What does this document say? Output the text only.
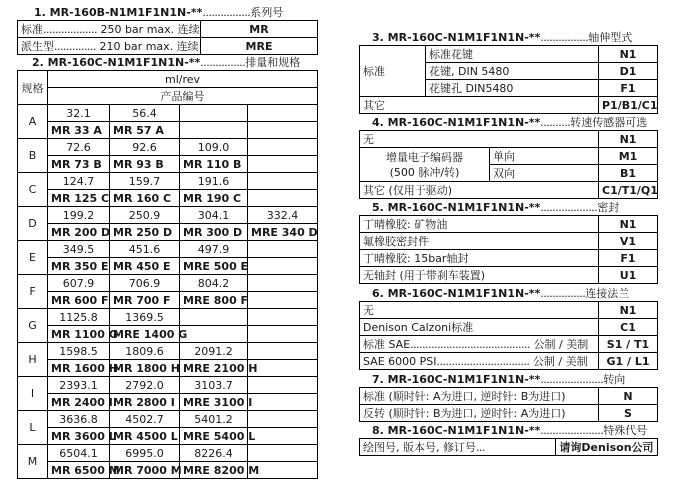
1. MR-160B-N1M1F1N1N-**................系列号
标准.................. 250 bar max. 连续	MR
派生型.............. 210 bar max. 连续	MRE
2. MR-160C-N1M1F1N1N-**...............排量和规格
规格	ml/rev			
	产品编号			
A	32.1	56.4		
	MR 33 A	MR 57 A		
B	72.6	92.6	109.0	
	MR 73 B	MR 93 B	MR 110 B	
C	124.7	159.7	191.6	
	MR 125 C	MR 160 C	MR 190 C	
D	199.2	250.9	304.1	332.4
	MR 200 D	MR 250 D	MR 300 D	MRE 340 D
E	349.5	451.6	497.9	
	MR 350 E	MR 450 E	MRE 500 E	
F	607.9	706.9	804.2	
	MR 600 F	MR 700 F	MRE 800 F	
G	1125.8	1369.5		
	MR 1100 G	MRE 1400 G		
H	1598.5	1809.6	2091.2	
	MR 1600 H	MR 1800 H	MRE 2100 H	
I	2393.1	2792.0	3103.7	
	MR 2400 I	MR 2800 I	MRE 3100 I	
L	3636.8	4502.7	5401.2	
	MR 3600 L	MR 4500 L	MRE 5400 L	
M	6504.1	6995.0	8226.4	
	MR 6500 M	MR 7000 M	MRE 8200 M	
3. MR-160C-N1M1F1N1N-**................轴伸型式
标准	标准花键	N1
	花键, DIN 5480	D1
	花键孔 DIN5480	F1
其它		P1/B1/C1
4. MR-160C-N1M1F1N1N-**..........转速传感器可选
无		N1

增量电子编码器
(500 脉冲/转)	单向	M1
	双向	B1
其它 (仅用于驱动)		C1/T1/Q1
5. MR-160C-N1M1F1N1N-**...................密封
丁晴橡胶: 矿物油	N1
氟橡胶密封件	V1
丁晴橡胶: 15bar轴封	F1
无轴封 (用于带刹车装置)	U1
6. MR-160C-N1M1F1N1N-**...............连接法兰
无	N1
Denison Calzoni标准	C1
标准 SAE........................................ 公制 / 美制	S1 / T1
SAE 6000 PSI............................... 公制 / 美制	G1 / L1
7. MR-160C-N1M1F1N1N-**.....................转向
标准 (顺时针: A为进口, 逆时针: B为进口)	N
反转 (顺时针: B为进口, 逆时针: A为进口)	S
8. MR-160C-N1M1F1N1N-**.....................特殊代号
绘图号, 版本号, 修订号...	请询Denison公司
